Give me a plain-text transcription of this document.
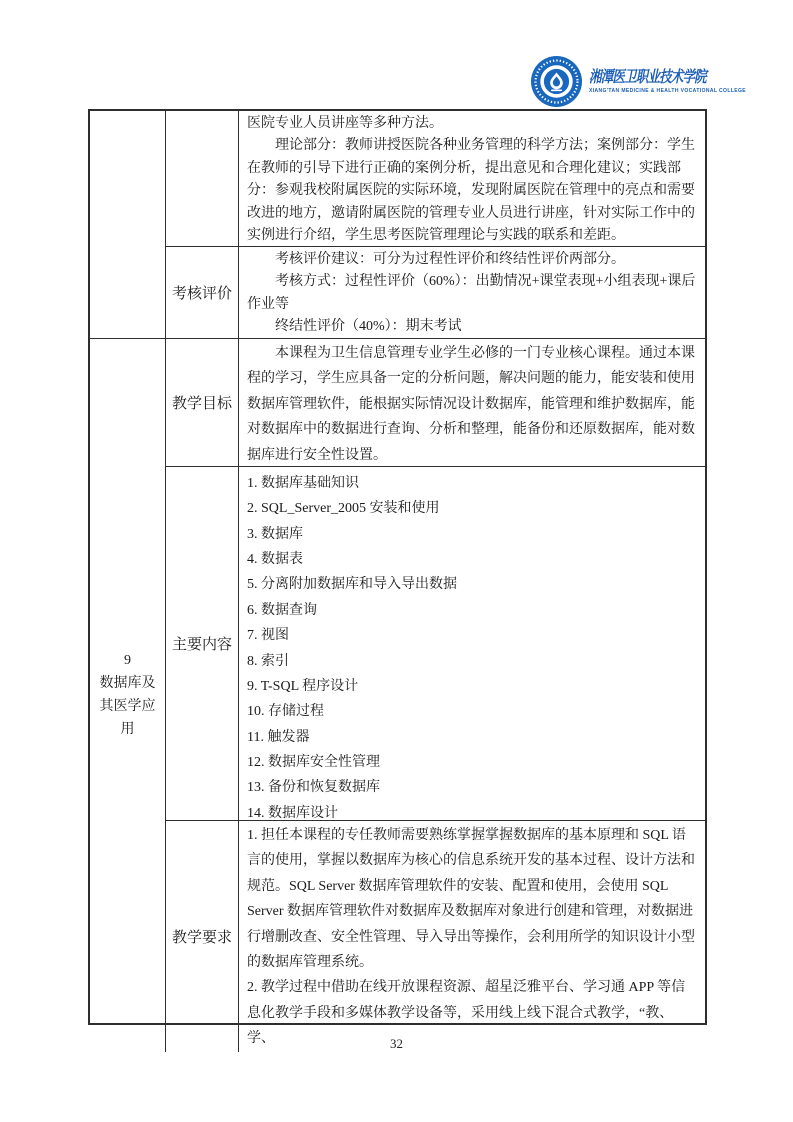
湘潭医卫职业技术学院
XIANG'TAN MEDICINE & HEALTH VOCATIONAL COLLEGE

医院专业人员讲座等多种方法。

理论部分：教师讲授医院各种业务管理的科学方法；案例部分：学生在教师的引导下进行正确的案例分析，提出意见和合理化建议；实践部分：参观我校附属医院的实际环境，发现附属医院在管理中的亮点和需要改进的地方，邀请附属医院的管理专业人员进行讲座，针对实际工作中的实例进行介绍，学生思考医院管理理论与实践的联系和差距。

考核评价

考核评价建议：可分为过程性评价和终结性评价两部分。

考核方式：过程性评价（60%）：出勤情况+课堂表现+小组表现+课后作业等

终结性评价（40%）：期末考试

9
数据库及其医学应用
教学目标

本课程为卫生信息管理专业学生必修的一门专业核心课程。通过本课程的学习，学生应具备一定的分析问题，解决问题的能力，能安装和使用数据库管理软件，能根据实际情况设计数据库，能管理和维护数据库，能对数据库中的数据进行查询、分析和整理，能备份和还原数据库，能对数据库进行安全性设置。

主要内容
1. 数据库基础知识
2. SQL_Server_2005 安装和使用
3. 数据库
4. 数据表
5. 分离附加数据库和导入导出数据
6. 数据查询
7. 视图
8. 索引
9. T-SQL 程序设计
10. 存储过程
11. 触发器
12. 数据库安全性管理
13. 备份和恢复数据库
14. 数据库设计
教学要求

1. 担任本课程的专任教师需要熟练掌握掌握数据库的基本原理和 SQL 语言的使用，掌握以数据库为核心的信息系统开发的基本过程、设计方法和规范。SQL Server 数据库管理软件的安装、配置和使用，会使用 SQL Server 数据库管理软件对数据库及数据库对象进行创建和管理，对数据进行增删改查、安全性管理、导入导出等操作，会利用所学的知识设计小型的数据库管理系统。

2. 教学过程中借助在线开放课程资源、超星泛雅平台、学习通 APP 等信息化教学手段和多媒体教学设备等，采用线上线下混合式教学，“教、学、	32
